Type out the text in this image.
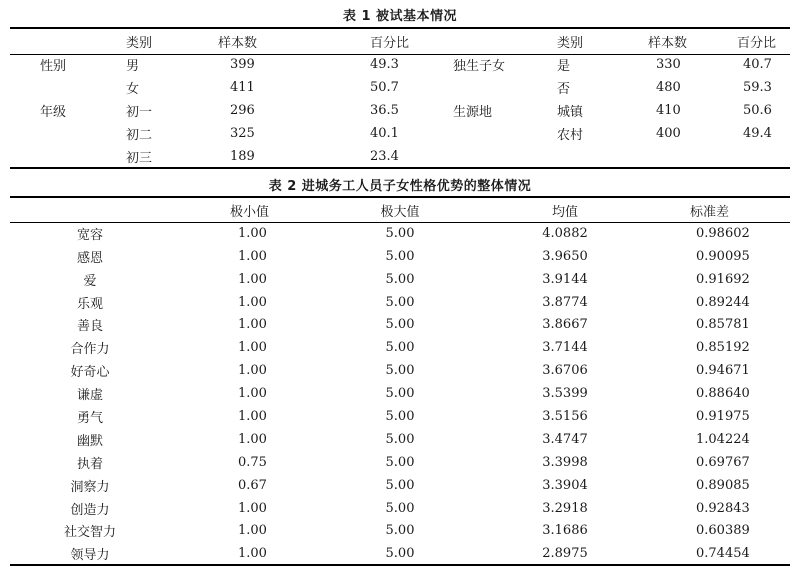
表 1 被试基本情况
	类别	样本数	百分比		类别	样本数	百分比
性别	男	399	49.3	独生子女	是	330	40.7
	女	411	50.7		否	480	59.3
年级	初一	296	36.5	生源地	城镇	410	50.6
	初二	325	40.1		农村	400	49.4
	初三	189	23.4				
表 2 进城务工人员子女性格优势的整体情况
	极小值	极大值	均值	标准差
宽容	1.00	5.00	4.0882	0.98602
感恩	1.00	5.00	3.9650	0.90095
爱	1.00	5.00	3.9144	0.91692
乐观	1.00	5.00	3.8774	0.89244
善良	1.00	5.00	3.8667	0.85781
合作力	1.00	5.00	3.7144	0.85192
好奇心	1.00	5.00	3.6706	0.94671
谦虚	1.00	5.00	3.5399	0.88640
勇气	1.00	5.00	3.5156	0.91975
幽默	1.00	5.00	3.4747	1.04224
执着	0.75	5.00	3.3998	0.69767
洞察力	0.67	5.00	3.3904	0.89085
创造力	1.00	5.00	3.2918	0.92843
社交智力	1.00	5.00	3.1686	0.60389
领导力	1.00	5.00	2.8975	0.74454
